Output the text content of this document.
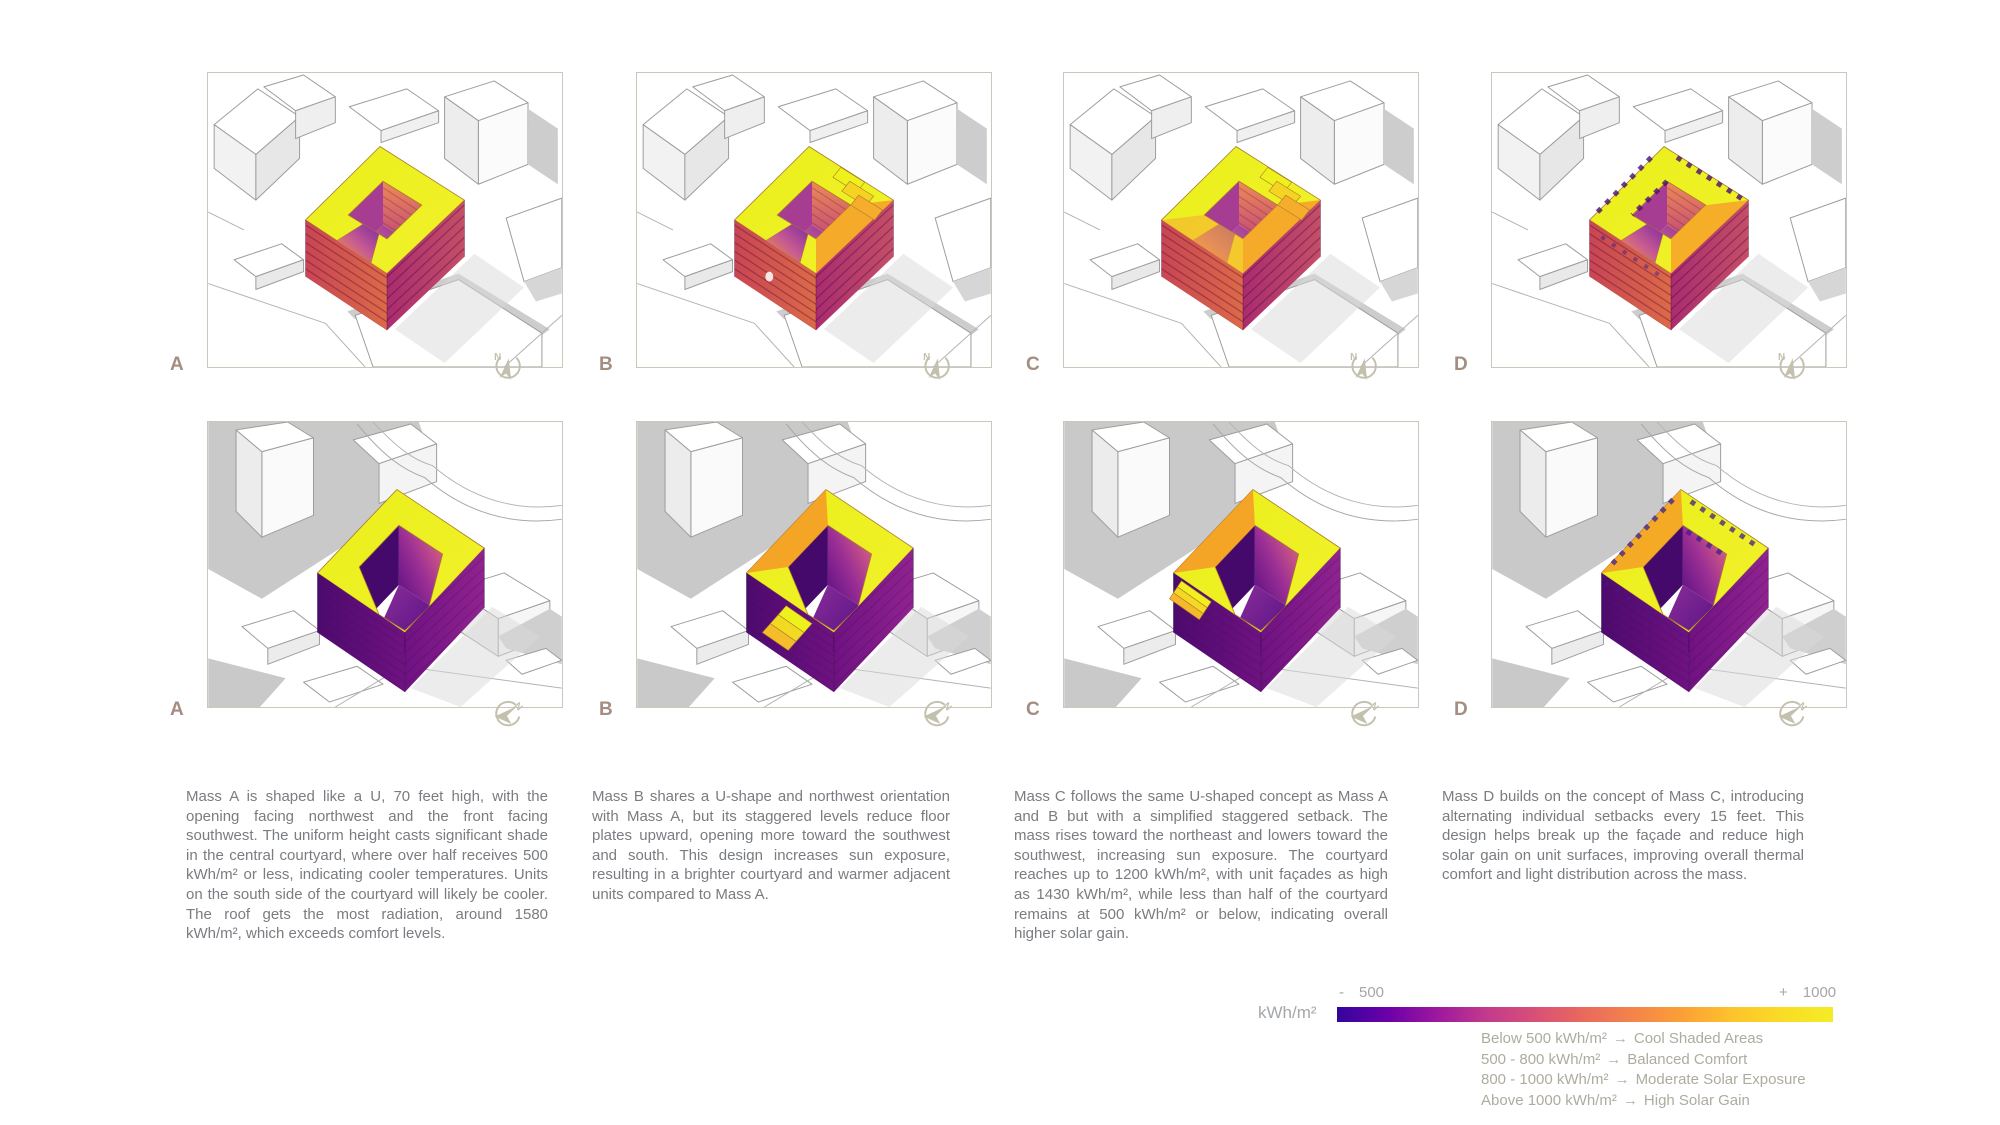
A	B	C	D
A	B	C	D

Mass A is shaped like a U, 70 feet high, with the opening facing northwest and the front facing southwest. The uniform height casts significant shade in the central courtyard, where over half receives 500 kWh/m² or less, indicating cooler temperatures. Units on the south side of the courtyard will likely be cooler. The roof gets the most radiation, around 1580 kWh/m², which exceeds comfort levels.

Mass B shares a U-shape and northwest orientation with Mass A, but its staggered levels reduce floor plates upward, opening more toward the southwest and south. This design increases sun exposure, resulting in a brighter courtyard and warmer adjacent units compared to Mass A.

Mass C follows the same U-shaped concept as Mass A and B but with a simplified staggered setback. The mass rises toward the northeast and lowers toward the southwest, increasing sun exposure. The courtyard reaches up to 1200 kWh/m², with unit façades as high as 1430 kWh/m², while less than half of the courtyard remains at 500 kWh/m² or below, indicating overall higher solar gain.

Mass D builds on the concept of Mass C, introducing alternating individual setbacks every 15 feet. This design helps break up the façade and reduce high solar gain on unit surfaces, improving overall thermal comfort and light distribution across the mass.

kWh/m²
- 500	+ 1000
Below 500 kWh/m² → Cool Shaded Areas
500 - 800 kWh/m² → Balanced Comfort
800 - 1000 kWh/m² → Moderate Solar Exposure
Above 1000 kWh/m² → High Solar Gain
